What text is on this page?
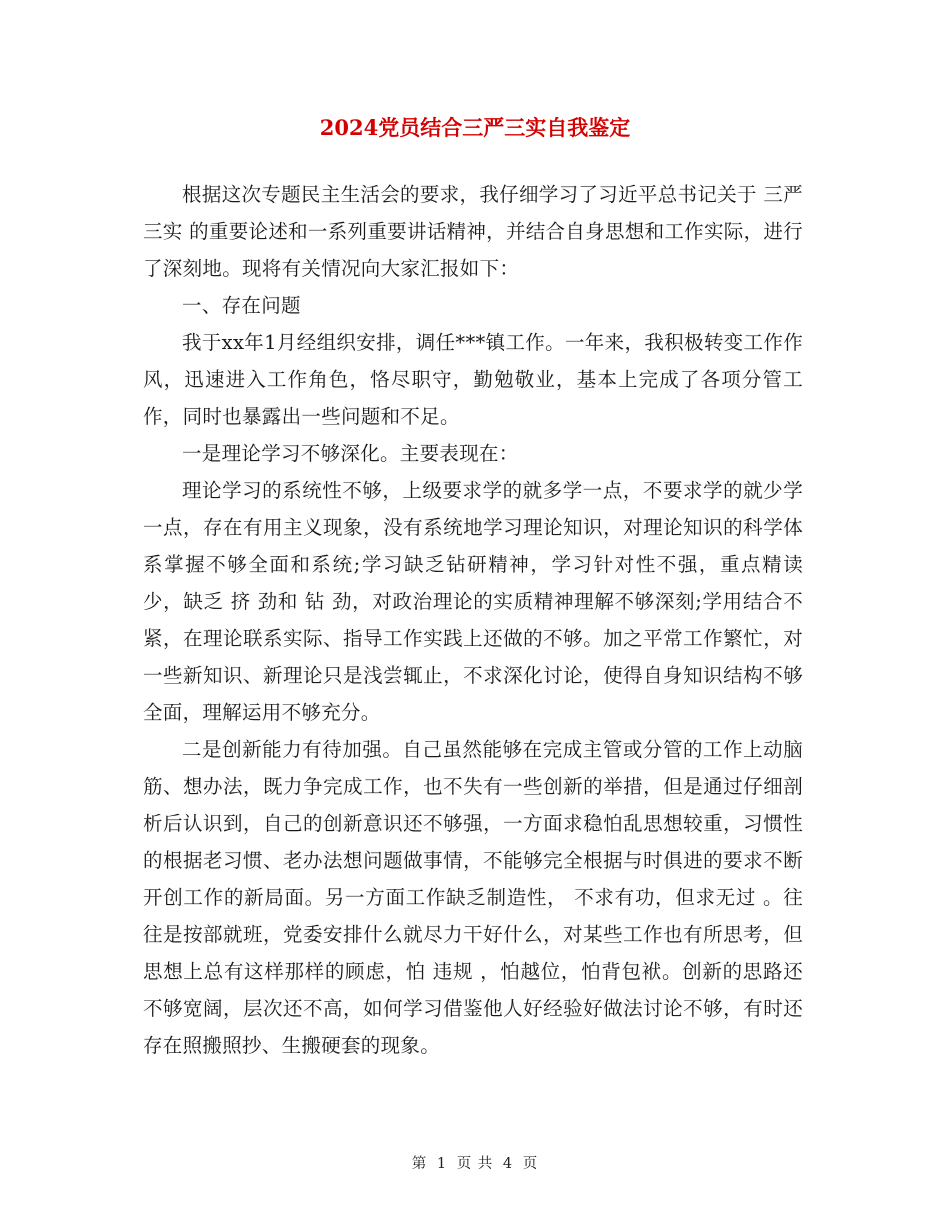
2024党员结合三严三实自我鉴定

根据这次专题民主生活会的要求，我仔细学习了习近平总书记关于 三严三实 的重要论述和一系列重要讲话精神，并结合自身思想和工作实际，进行了深刻地。现将有关情况向大家汇报如下：

一、存在问题

我于xx年1月经组织安排，调任***镇工作。一年来，我积极转变工作作风，迅速进入工作角色，恪尽职守，勤勉敬业，基本上完成了各项分管工作，同时也暴露出一些问题和不足。

一是理论学习不够深化。主要表现在：

理论学习的系统性不够，上级要求学的就多学一点，不要求学的就少学一点，存在有用主义现象，没有系统地学习理论知识，对理论知识的科学体系掌握不够全面和系统;学习缺乏钻研精神，学习针对性不强，重点精读少，缺乏 挤 劲和 钻 劲，对政治理论的实质精神理解不够深刻;学用结合不紧，在理论联系实际、指导工作实践上还做的不够。加之平常工作繁忙，对一些新知识、新理论只是浅尝辄止，不求深化讨论，使得自身知识结构不够全面，理解运用不够充分。

二是创新能力有待加强。自己虽然能够在完成主管或分管的工作上动脑筋、想办法，既力争完成工作，也不失有一些创新的举措，但是通过仔细剖析后认识到，自己的创新意识还不够强，一方面求稳怕乱思想较重，习惯性的根据老习惯、老办法想问题做事情，不能够完全根据与时俱进的要求不断开创工作的新局面。另一方面工作缺乏制造性， 不求有功，但求无过 。往往是按部就班，党委安排什么就尽力干好什么，对某些工作也有所思考，但思想上总有这样那样的顾虑，怕 违规 ，怕越位，怕背包袱。创新的思路还不够宽阔，层次还不高，如何学习借鉴他人好经验好做法讨论不够，有时还存在照搬照抄、生搬硬套的现象。

第 1 页 共 4 页
